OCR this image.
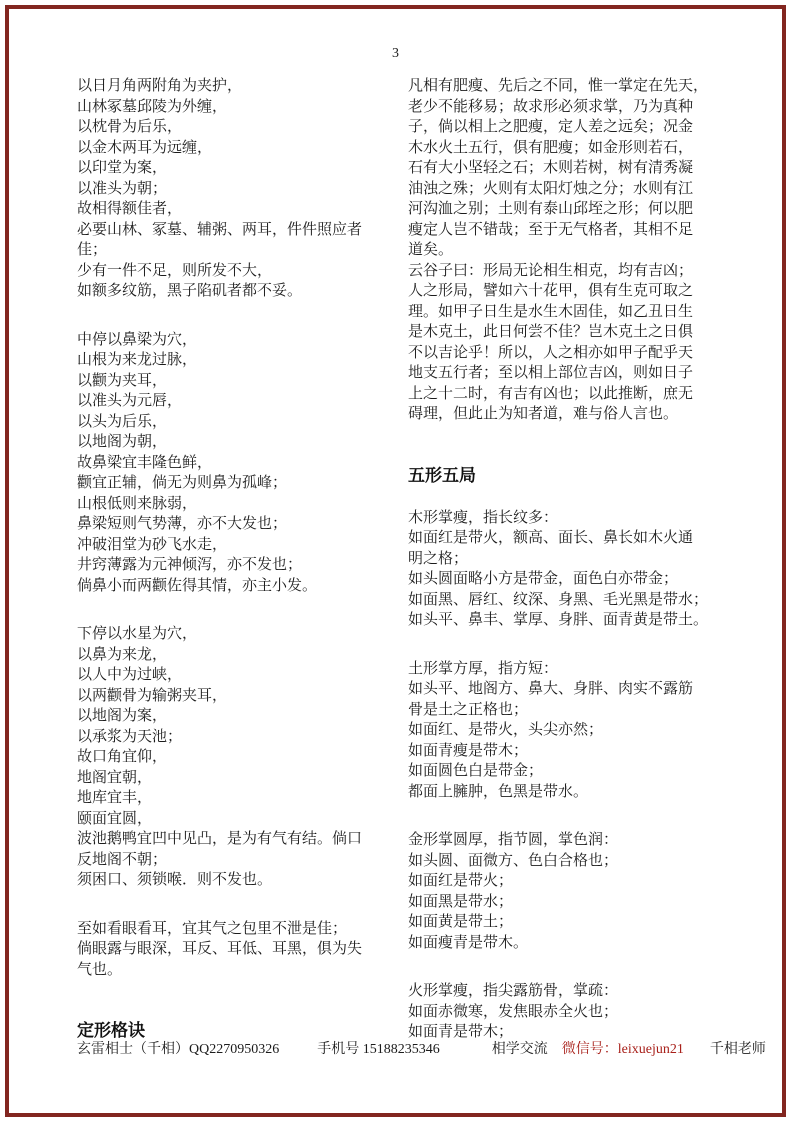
3

以日月角两附角为夹护，
山林冢墓邱陵为外缠，
以枕骨为后乐，
以金木两耳为远缠，
以印堂为案，
以准头为朝；
故相得额佳者，
必要山林、冢墓、辅粥、两耳，件件照应者
佳；
少有一件不足，则所发不大，
如额多纹筋，黑子陷矶者都不妥。

中停以鼻梁为穴，
山根为来龙过脉，
以颧为夹耳，
以准头为元唇，
以头为后乐，
以地阁为朝，
故鼻梁宜丰隆色鲜，
颧宜正辅，倘无为则鼻为孤峰；
山根低则来脉弱，
鼻梁短则气势薄，亦不大发也；
冲破泪堂为砂飞水走，
井窍薄露为元神倾泻，亦不发也；
倘鼻小而两颧佐得其情，亦主小发。

下停以水星为穴，
以鼻为来龙，
以人中为过峡，
以两颧骨为输粥夹耳，
以地阁为案，
以承浆为天池；
故口角宜仰，
地阁宜朝，
地库宜丰，
颐面宜圆，
波池鹅鸭宜凹中见凸，是为有气有结。倘口
反地阁不朝；
须困口、须锁喉．则不发也。

至如看眼看耳，宜其气之包里不泄是佳；
倘眼露与眼深，耳反、耳低、耳黑，俱为失
气也。

定形格诀

凡相有肥瘦、先后之不同，惟一掌定在先天，
老少不能移易；故求形必须求掌，乃为真种
子，倘以相上之肥瘦，定人差之远矣；况金
木水火土五行，俱有肥瘦；如金形则若石，
石有大小坚轻之石；木则若树，树有清秀凝
油浊之殊；火则有太阳灯烛之分；水则有江
河沟洫之别；土则有泰山邱垤之形；何以肥
瘦定人岂不错哉；至于无气格者，其相不足
道矣。
云谷子曰：形局无论相生相克，均有吉凶；
人之形局，譬如六十花甲，俱有生克可取之
理。如甲子日生是水生木固佳，如乙丑日生
是木克土，此日何尝不佳？岂木克土之日俱
不以吉论乎！所以，人之相亦如甲子配乎天
地支五行者；至以相上部位吉凶，则如日子
上之十二时，有吉有凶也；以此推断，庶无
碍理，但此止为知者道，难与俗人言也。

五形五局

木形掌瘦，指长纹多：
如面红是带火，额高、面长、鼻长如木火通
明之格；
如头圆面略小方是带金，面色白亦带金；
如面黑、唇红、纹深、身黑、毛光黑是带水；
如头平、鼻丰、掌厚、身胖、面青黄是带土。

土形掌方厚，指方短：
如头平、地阁方、鼻大、身胖、肉实不露筋
骨是土之正格也；
如面红、是带火，头尖亦然；
如面青瘦是带木；
如面圆色白是带金；
都面上臃肿，色黑是带水。

金形掌圆厚，指节圆，掌色润：
如头圆、面微方、色白合格也；
如面红是带火；
如面黑是带水；
如面黄是带土；
如面瘦青是带木。

火形掌瘦，指尖露筋骨，掌疏：
如面赤微寒，发焦眼赤全火也；
如面青是带木；

玄雷相士（千相）QQ2270950326	手机号 15188235346	相学交流 微信号：leixuejun21 千相老师
